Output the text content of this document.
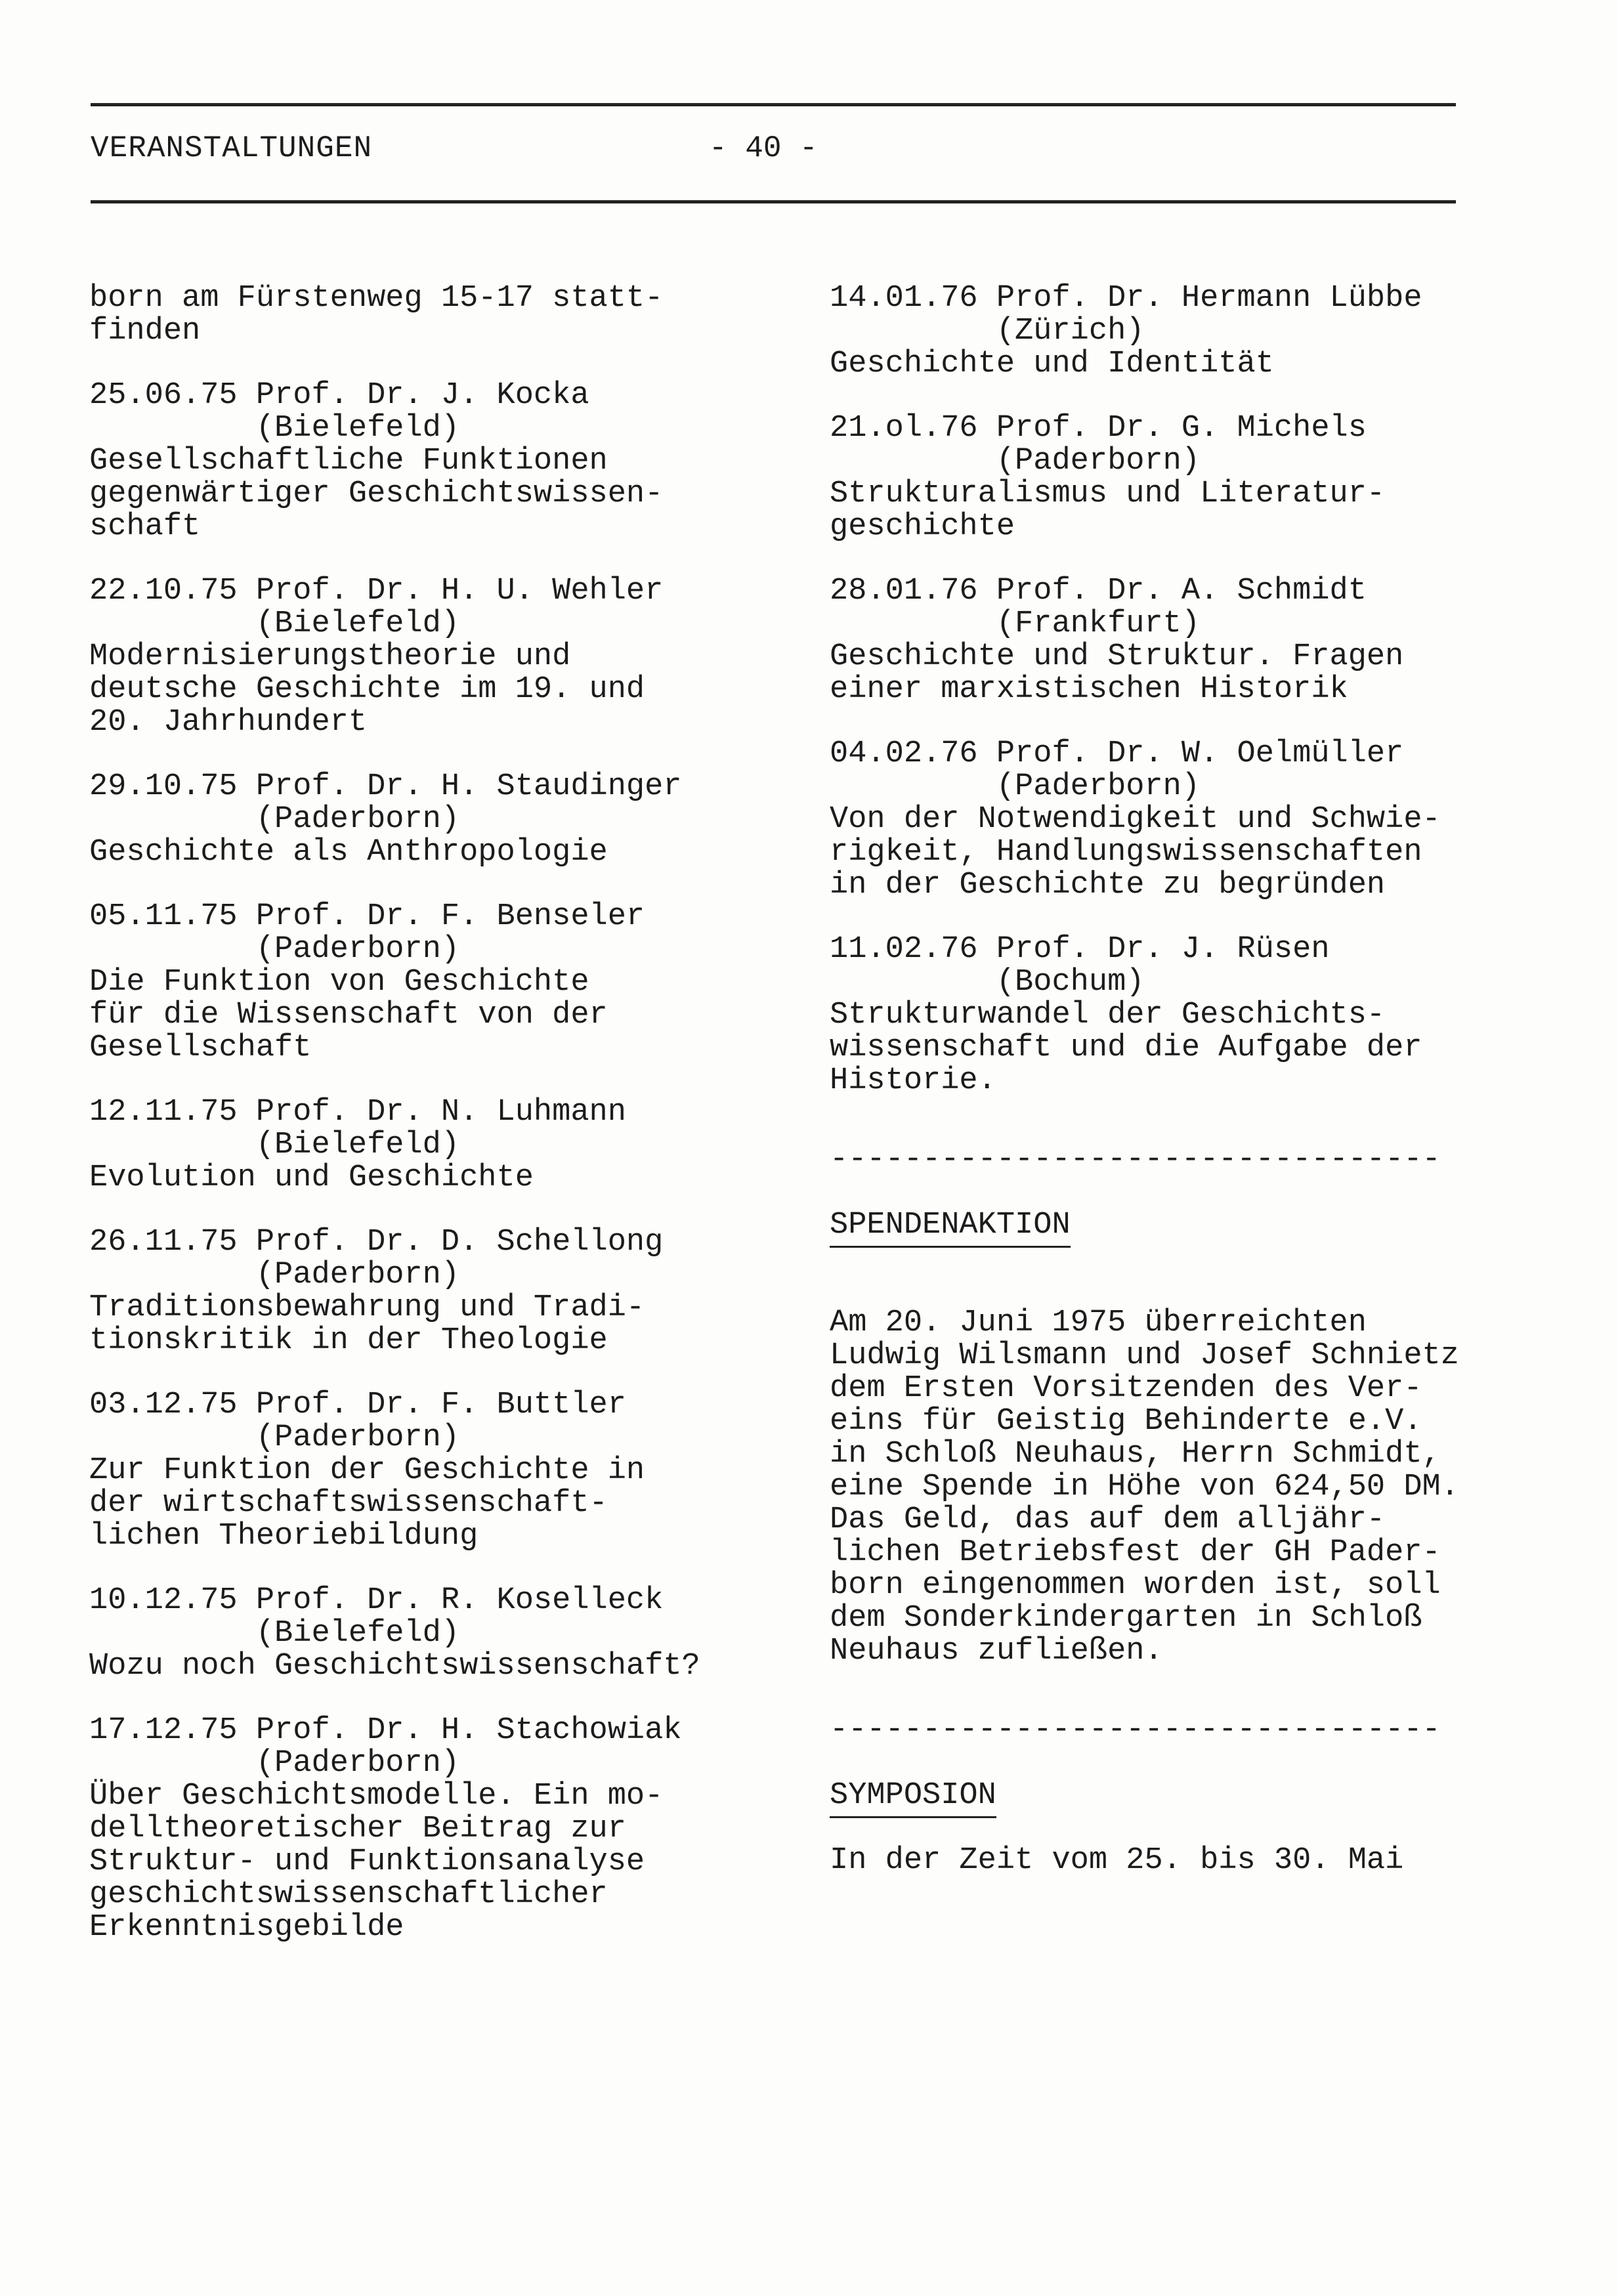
VERANSTALTUNGEN	- 40 -
born am Fürstenweg 15-17 statt-
finden
25.06.75 Prof. Dr. J. Kocka
(Bielefeld)
Gesellschaftliche Funktionen
gegenwärtiger Geschichtswissen-
schaft
22.10.75 Prof. Dr. H. U. Wehler
(Bielefeld)
Modernisierungstheorie und
deutsche Geschichte im 19. und
20. Jahrhundert
29.10.75 Prof. Dr. H. Staudinger
(Paderborn)
Geschichte als Anthropologie
05.11.75 Prof. Dr. F. Benseler
(Paderborn)
Die Funktion von Geschichte
für die Wissenschaft von der
Gesellschaft
12.11.75 Prof. Dr. N. Luhmann
(Bielefeld)
Evolution und Geschichte
26.11.75 Prof. Dr. D. Schellong
(Paderborn)
Traditionsbewahrung und Tradi-
tionskritik in der Theologie
03.12.75 Prof. Dr. F. Buttler
(Paderborn)
Zur Funktion der Geschichte in
der wirtschaftswissenschaft-
lichen Theoriebildung
10.12.75 Prof. Dr. R. Koselleck
(Bielefeld)
Wozu noch Geschichtswissenschaft?
17.12.75 Prof. Dr. H. Stachowiak
(Paderborn)
Über Geschichtsmodelle. Ein mo-
delltheoretischer Beitrag zur
Struktur- und Funktionsanalyse
geschichtswissenschaftlicher
Erkenntnisgebilde
14.01.76 Prof. Dr. Hermann Lübbe
(Zürich)
Geschichte und Identität
21.ol.76 Prof. Dr. G. Michels
(Paderborn)
Strukturalismus und Literatur-
geschichte
28.01.76 Prof. Dr. A. Schmidt
(Frankfurt)
Geschichte und Struktur. Fragen
einer marxistischen Historik
04.02.76 Prof. Dr. W. Oelmüller
(Paderborn)
Von der Notwendigkeit und Schwie-
rigkeit, Handlungswissenschaften
in der Geschichte zu begründen
11.02.76 Prof. Dr. J. Rüsen
(Bochum)
Strukturwandel der Geschichts-
wissenschaft und die Aufgabe der
Historie.
---------------------------------
SPENDENAKTION
Am 20. Juni 1975 überreichten
Ludwig Wilsmann und Josef Schnietz
dem Ersten Vorsitzenden des Ver-
eins für Geistig Behinderte e.V.
in Schloß Neuhaus, Herrn Schmidt,
eine Spende in Höhe von 624,50 DM.
Das Geld, das auf dem alljähr-
lichen Betriebsfest der GH Pader-
born eingenommen worden ist, soll
dem Sonderkindergarten in Schloß
Neuhaus zufließen.
---------------------------------
SYMPOSION
In der Zeit vom 25. bis 30. Mai
